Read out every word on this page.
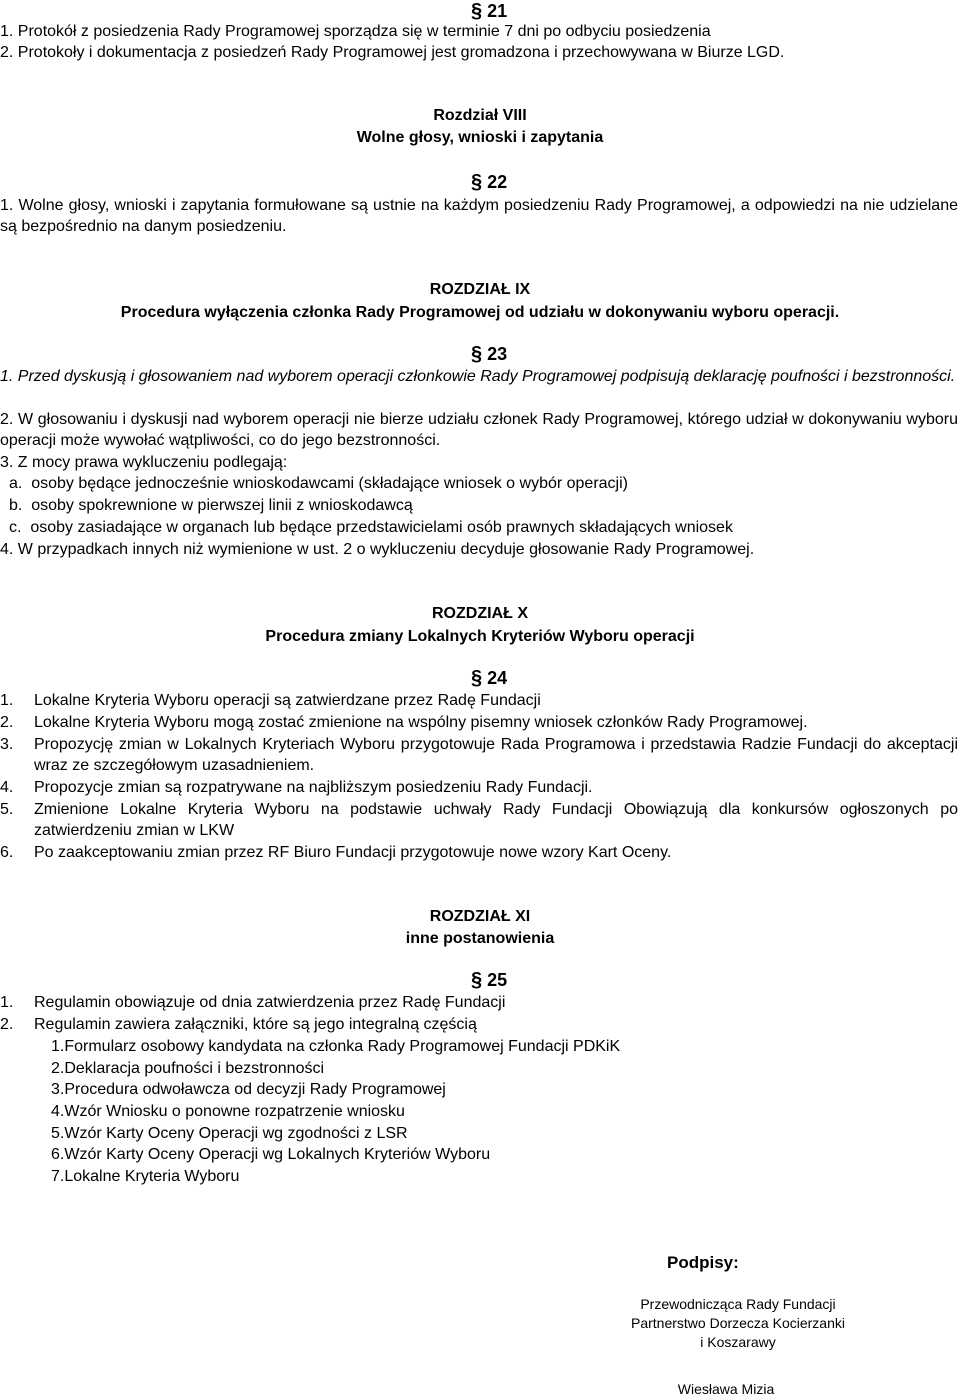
§ 21

1. Protokół z posiedzenia Rady Programowej sporządza się w terminie 7 dni po odbyciu posiedzenia

2. Protokoły i dokumentacja z posiedzeń Rady Programowej jest gromadzona i przechowywana w Biurze LGD.

Rozdział VIII

Wolne głosy, wnioski i zapytania

§ 22

1. Wolne głosy, wnioski i zapytania formułowane są ustnie na każdym posiedzeniu Rady Programowej, a odpowiedzi na nie udzielane są bezpośrednio na danym posiedzeniu.

ROZDZIAŁ IX

Procedura wyłączenia członka Rady Programowej od udziału w dokonywaniu wyboru operacji.

§ 23

1. Przed dyskusją i głosowaniem nad wyborem operacji członkowie Rady Programowej podpisują deklarację poufności i bezstronności.

2. W głosowaniu i dyskusji nad wyborem operacji nie bierze udziału członek Rady Programowej, którego udział w dokonywaniu wyboru operacji może wywołać wątpliwości, co do jego bezstronności.

3. Z mocy prawa wykluczeniu podlegają:

a. osoby będące jednocześnie wnioskodawcami (składające wniosek o wybór operacji)
b. osoby spokrewnione w pierwszej linii z wnioskodawcą
c. osoby zasiadające w organach lub będące przedstawicielami osób prawnych składających wniosek

4. W przypadkach innych niż wymienione w ust. 2 o wykluczeniu decyduje głosowanie Rady Programowej.

ROZDZIAŁ X

Procedura zmiany Lokalnych Kryteriów Wyboru operacji

§ 24
1. Lokalne Kryteria Wyboru operacji są zatwierdzane przez Radę Fundacji
2. Lokalne Kryteria Wyboru mogą zostać zmienione na wspólny pisemny wniosek członków Rady Programowej.
3. Propozycję zmian w Lokalnych Kryteriach Wyboru przygotowuje Rada Programowa i przedstawia Radzie Fundacji do akceptacji wraz ze szczegółowym uzasadnieniem.
4. Propozycje zmian są rozpatrywane na najbliższym posiedzeniu Rady Fundacji.
5. Zmienione Lokalne Kryteria Wyboru na podstawie uchwały Rady Fundacji Obowiązują dla konkursów ogłoszonych po zatwierdzeniu zmian w LKW
6. Po zaakceptowaniu zmian przez RF Biuro Fundacji przygotowuje nowe wzory Kart Oceny.

ROZDZIAŁ XI

inne postanowienia

§ 25
1. Regulamin obowiązuje od dnia zatwierdzenia przez Radę Fundacji
2. Regulamin zawiera załączniki, które są jego integralną częścią
1.Formularz osobowy kandydata na członka Rady Programowej Fundacji PDKiK
2.Deklaracja poufności i bezstronności
3.Procedura odwoławcza od decyzji Rady Programowej
4.Wzór Wniosku o ponowne rozpatrzenie wniosku
5.Wzór Karty Oceny Operacji wg zgodności z LSR
6.Wzór Karty Oceny Operacji wg Lokalnych Kryteriów Wyboru
7.Lokalne Kryteria Wyboru
Podpisy:
Przewodnicząca Rady Fundacji
Partnerstwo Dorzecza Kocierzanki
i Koszarawy
Wiesława Mizia
